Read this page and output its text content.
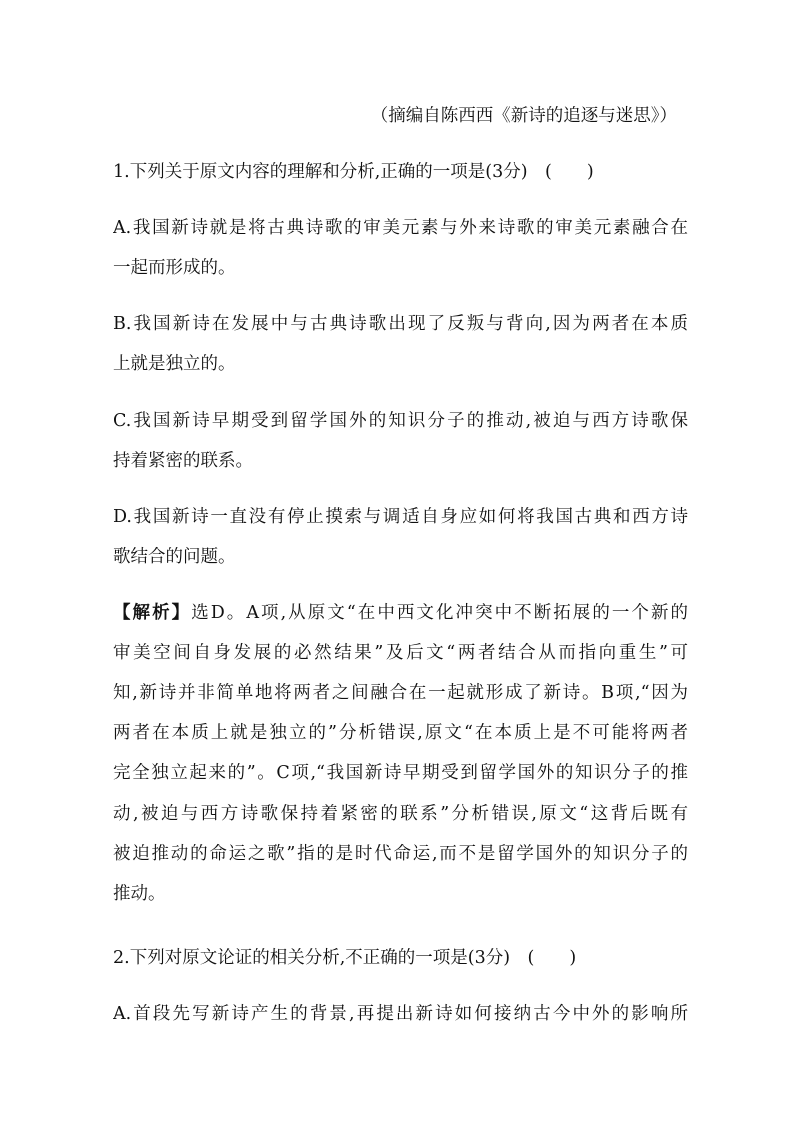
（摘编自陈西西《新诗的追逐与迷思》）
1.下列关于原文内容的理解和分析,正确的一项是(3分)　(　　)
A.我国新诗就是将古典诗歌的审美元素与外来诗歌的审美元素融合在
一起而形成的。
B.我国新诗在发展中与古典诗歌出现了反叛与背向,因为两者在本质
上就是独立的。
C.我国新诗早期受到留学国外的知识分子的推动,被迫与西方诗歌保
持着紧密的联系。
D.我国新诗一直没有停止摸索与调适自身应如何将我国古典和西方诗
歌结合的问题。
【解析】选D。A项,从原文“在中西文化冲突中不断拓展的一个新的
审美空间自身发展的必然结果”及后文“两者结合从而指向重生”可
知,新诗并非简单地将两者之间融合在一起就形成了新诗。B项,“因为
两者在本质上就是独立的”分析错误,原文“在本质上是不可能将两者
完全独立起来的”。C项,“我国新诗早期受到留学国外的知识分子的推
动,被迫与西方诗歌保持着紧密的联系”分析错误,原文“这背后既有
被迫推动的命运之歌”指的是时代命运,而不是留学国外的知识分子的
推动。
2.下列对原文论证的相关分析,不正确的一项是(3分)　(　　)
A.首段先写新诗产生的背景,再提出新诗如何接纳古今中外的影响所
